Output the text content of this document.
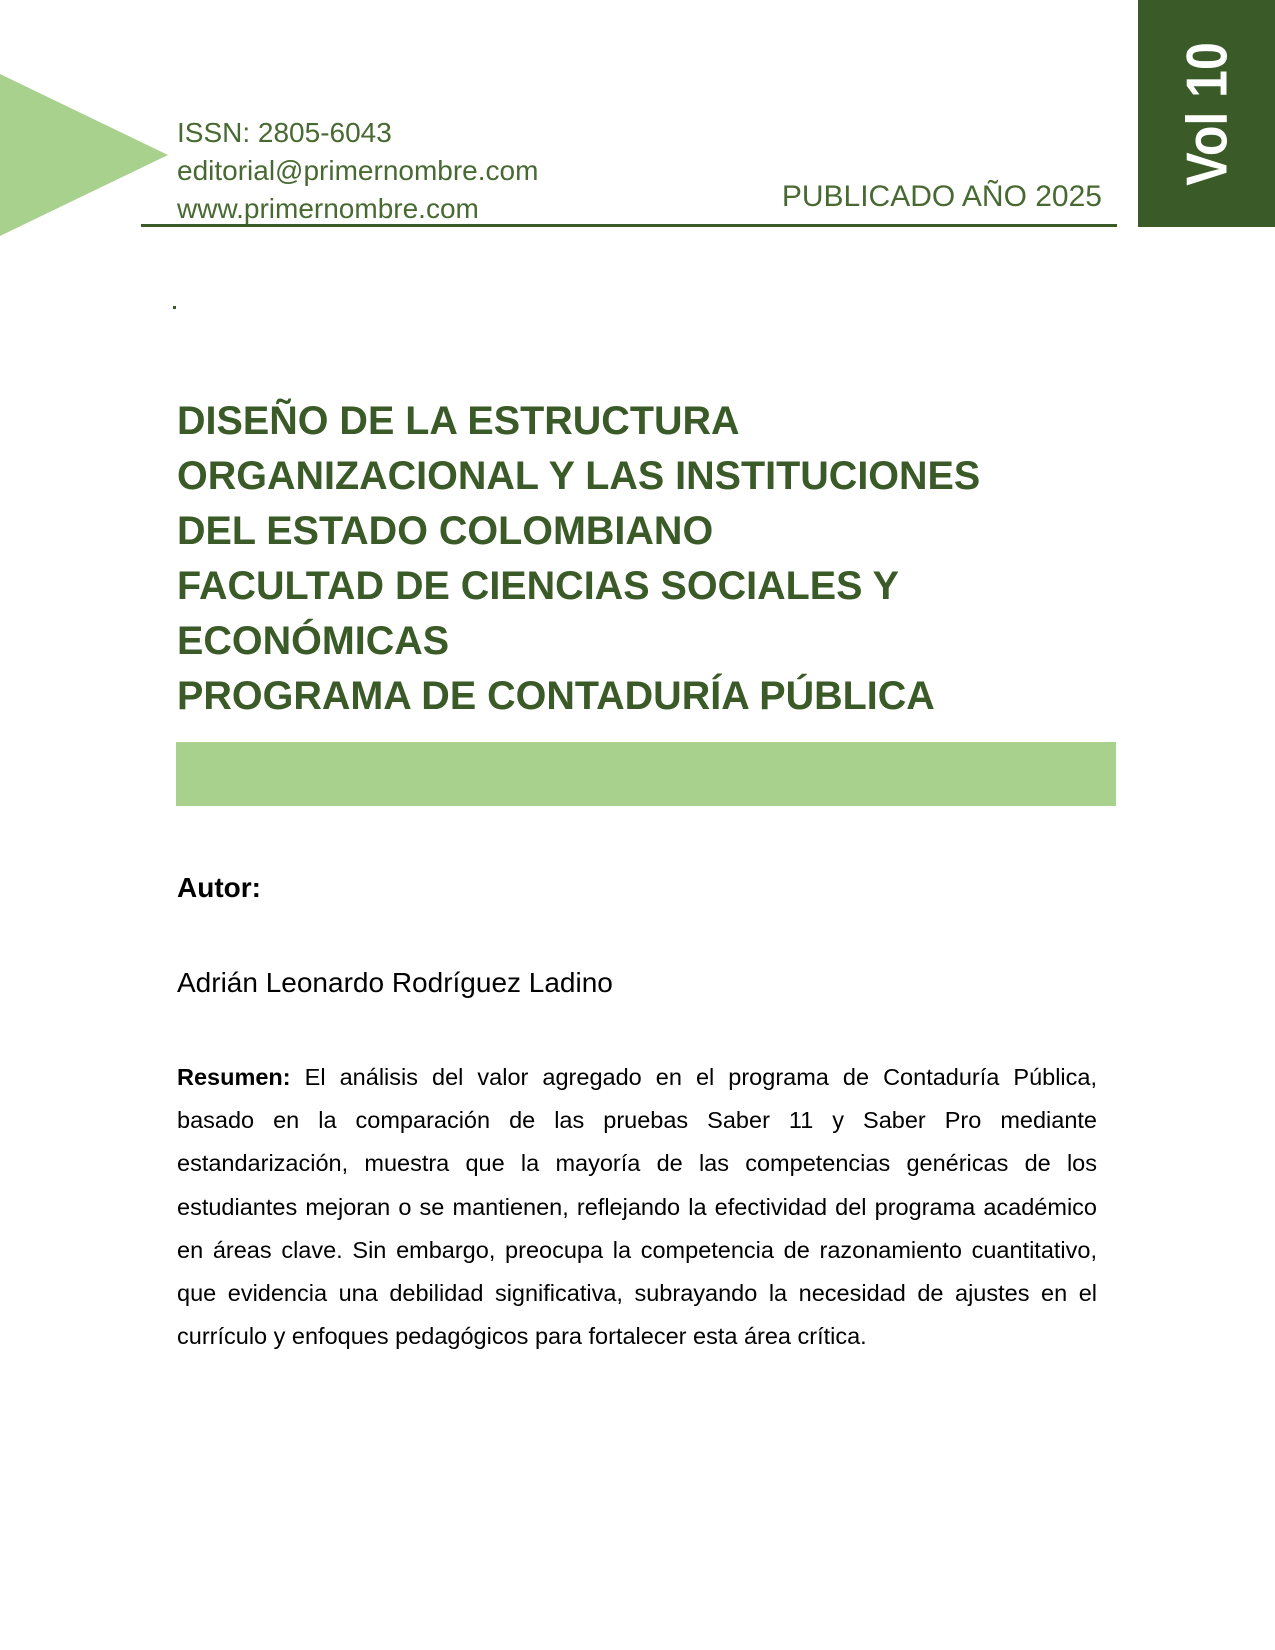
Vol 10
ISSN: 2805-6043
editorial@primernombre.com
www.primernombre.com	PUBLICADO AÑO 2025
DISEÑO DE LA ESTRUCTURA
ORGANIZACIONAL Y LAS INSTITUCIONES
DEL ESTADO COLOMBIANO
FACULTAD DE CIENCIAS SOCIALES Y
ECONÓMICAS
PROGRAMA DE CONTADURÍA PÚBLICA
Autor:
Adrián Leonardo Rodríguez Ladino
Resumen: El análisis del valor agregado en el programa de Contaduría Pública, basado en la comparación de las pruebas Saber 11 y Saber Pro mediante estandarización, muestra que la mayoría de las competencias genéricas de los estudiantes mejoran o se mantienen, reflejando la efectividad del programa académico en áreas clave. Sin embargo, preocupa la competencia de razonamiento cuantitativo, que evidencia una debilidad significativa, subrayando la necesidad de ajustes en el currículo y enfoques pedagógicos para fortalecer esta área crítica.
